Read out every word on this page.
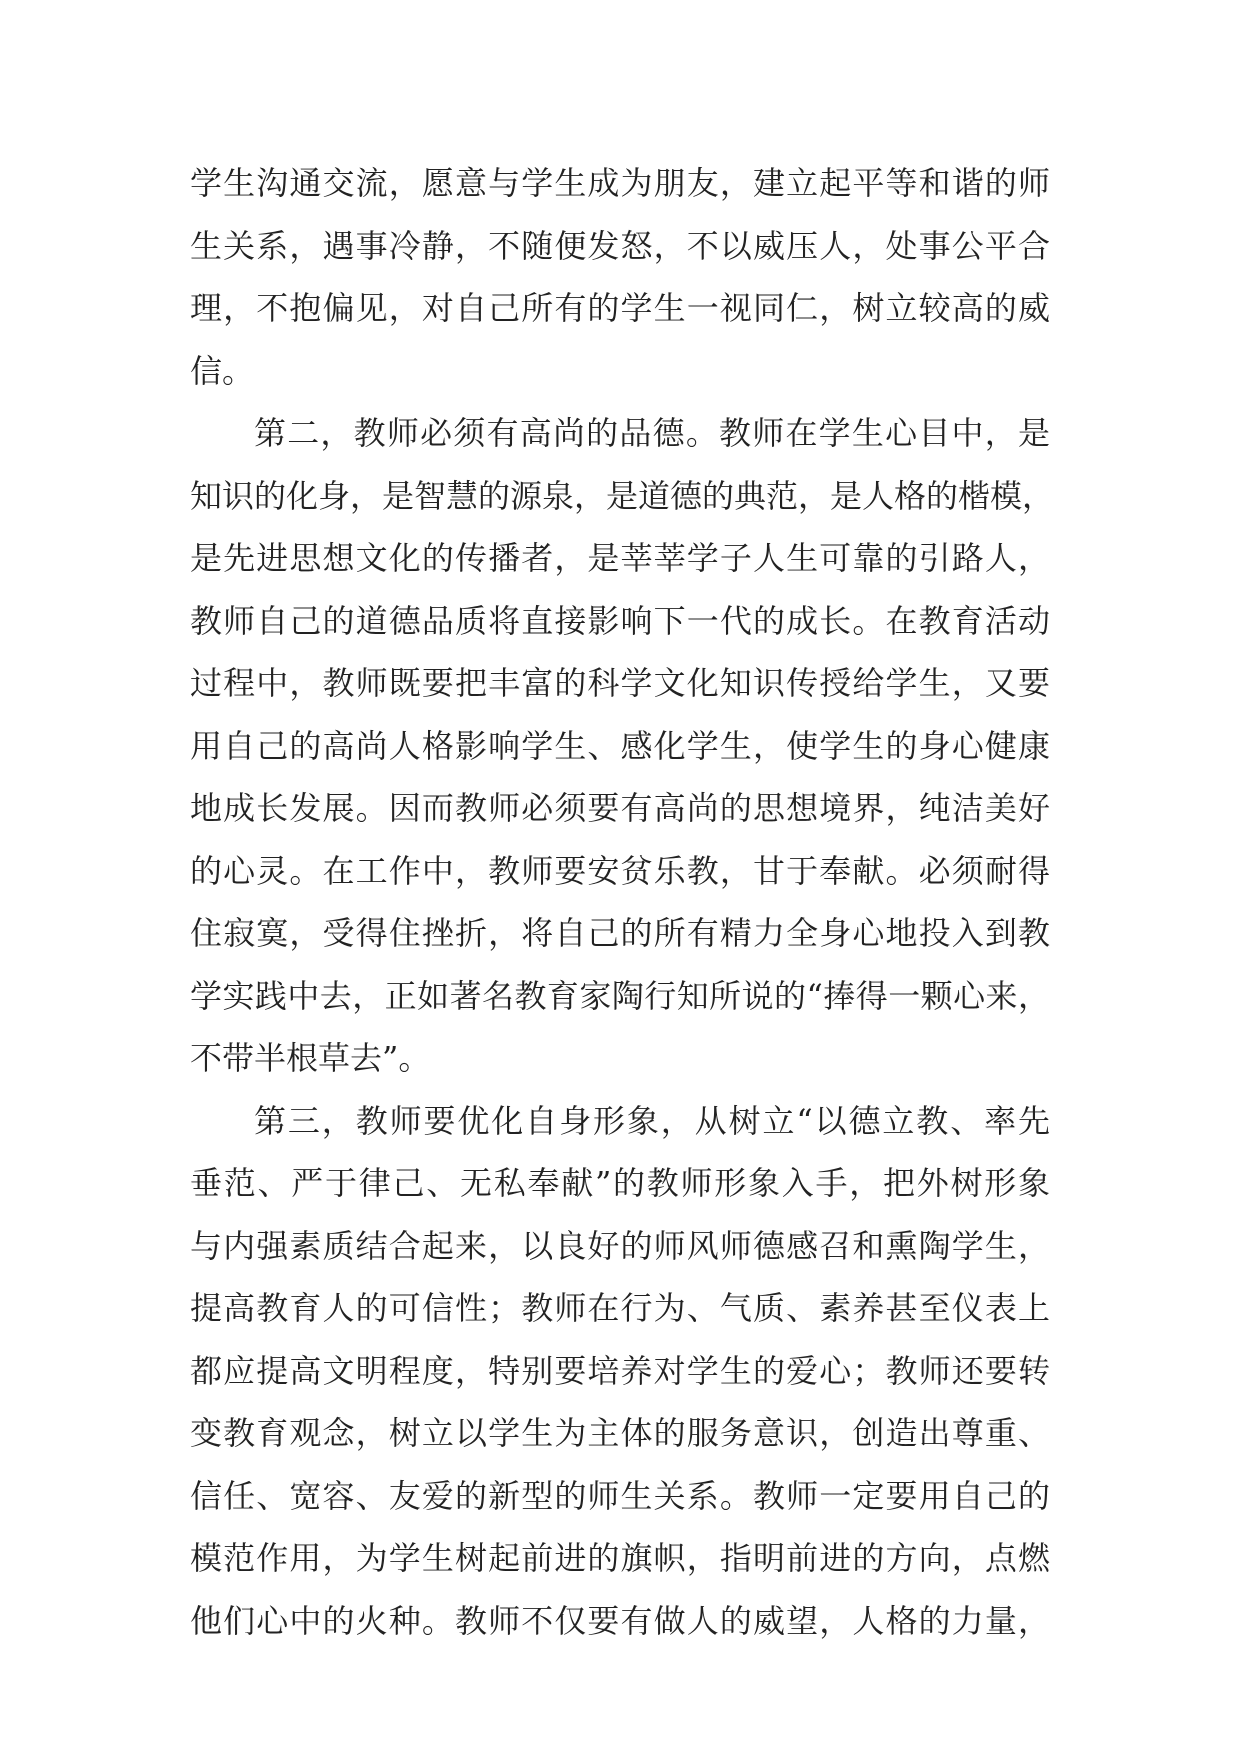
学生沟通交流，愿意与学生成为朋友，建立起平等和谐的师
生关系，遇事冷静，不随便发怒，不以威压人，处事公平合
理，不抱偏见，对自己所有的学生一视同仁，树立较高的威
信。
第二，教师必须有高尚的品德。教师在学生心目中，是
知识的化身，是智慧的源泉，是道德的典范，是人格的楷模，
是先进思想文化的传播者，是莘莘学子人生可靠的引路人，
教师自己的道德品质将直接影响下一代的成长。在教育活动
过程中，教师既要把丰富的科学文化知识传授给学生，又要
用自己的高尚人格影响学生、感化学生，使学生的身心健康
地成长发展。因而教师必须要有高尚的思想境界，纯洁美好
的心灵。在工作中，教师要安贫乐教，甘于奉献。必须耐得
住寂寞，受得住挫折，将自己的所有精力全身心地投入到教
学实践中去，正如著名教育家陶行知所说的“捧得一颗心来，
不带半根草去”。
第三，教师要优化自身形象，从树立“以德立教、率先
垂范、严于律己、无私奉献”的教师形象入手，把外树形象
与内强素质结合起来，以良好的师风师德感召和熏陶学生，
提高教育人的可信性；教师在行为、气质、素养甚至仪表上
都应提高文明程度，特别要培养对学生的爱心；教师还要转
变教育观念，树立以学生为主体的服务意识，创造出尊重、
信任、宽容、友爱的新型的师生关系。教师一定要用自己的
模范作用，为学生树起前进的旗帜，指明前进的方向，点燃
他们心中的火种。教师不仅要有做人的威望，人格的力量，
